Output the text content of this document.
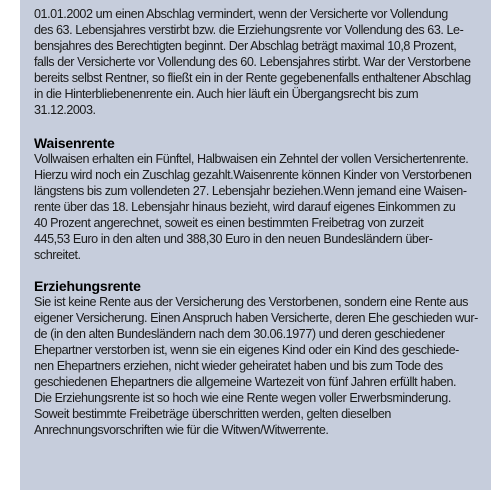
01.01.2002 um einen Abschlag vermindert, wenn der Versicherte vor Vollendung
des 63. Lebensjahres verstirbt bzw. die Erziehungsrente vor Vollendung des 63. Le-
bensjahres des Berechtigten beginnt. Der Abschlag beträgt maximal 10,8 Prozent,
falls der Versicherte vor Vollendung des 60. Lebensjahres stirbt. War der Verstorbene
bereits selbst Rentner, so fließt ein in der Rente gegebenenfalls enthaltener Abschlag
in die Hinterbliebenenrente ein. Auch hier läuft ein Übergangsrecht bis zum
31.12.2003.

Waisenrente

Vollwaisen erhalten ein Fünftel, Halbwaisen ein Zehntel der vollen Versichertenrente.
Hierzu wird noch ein Zuschlag gezahlt.Waisenrente können Kinder von Verstorbenen
längstens bis zum vollendeten 27. Lebensjahr beziehen.Wenn jemand eine Waisen-
rente über das 18. Lebensjahr hinaus bezieht, wird darauf eigenes Einkommen zu
40 Prozent angerechnet, soweit es einen bestimmten Freibetrag von zurzeit
445,53 Euro in den alten und 388,30 Euro in den neuen Bundesländern über-
schreitet.

Erziehungsrente

Sie ist keine Rente aus der Versicherung des Verstorbenen, sondern eine Rente aus
eigener Versicherung. Einen Anspruch haben Versicherte, deren Ehe geschieden wur-
de (in den alten Bundesländern nach dem 30.06.1977) und deren geschiedener
Ehepartner verstorben ist, wenn sie ein eigenes Kind oder ein Kind des geschiede-
nen Ehepartners erziehen, nicht wieder geheiratet haben und bis zum Tode des
geschiedenen Ehepartners die allgemeine Wartezeit von fünf Jahren erfüllt haben.
Die Erziehungsrente ist so hoch wie eine Rente wegen voller Erwerbsminderung.
Soweit bestimmte Freibeträge überschritten werden, gelten dieselben
Anrechnungsvorschriften wie für die Witwen/Witwerrente.
